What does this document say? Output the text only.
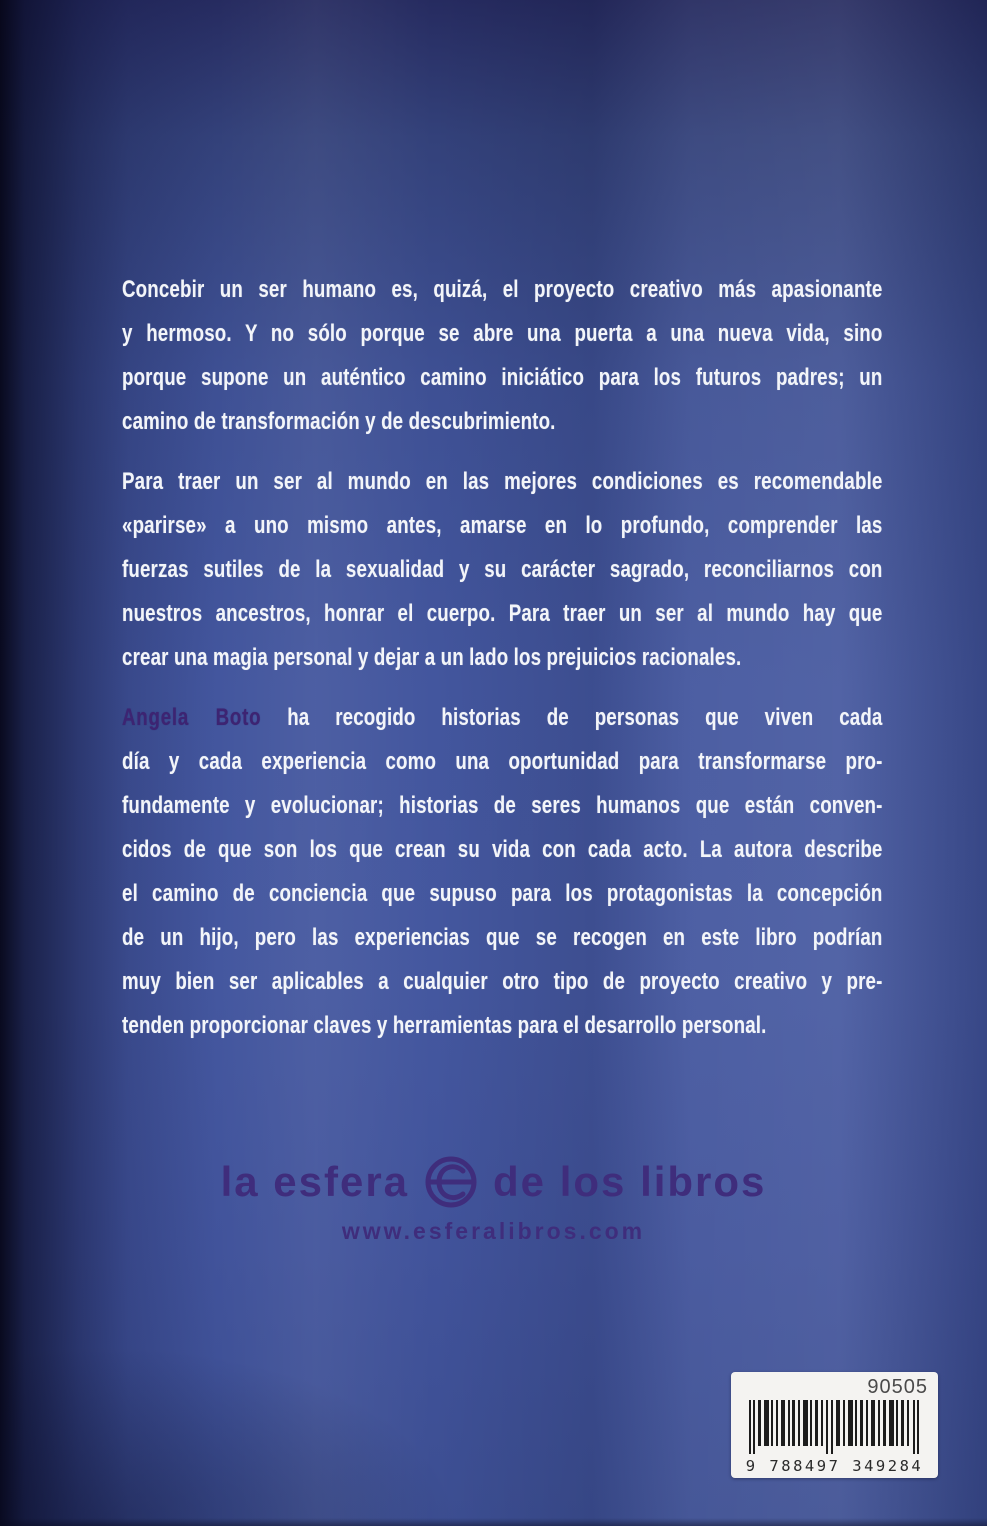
Concebir un ser humano es, quizá, el proyecto creativo más apasionante
y hermoso. Y no sólo porque se abre una puerta a una nueva vida, sino
porque supone un auténtico camino iniciático para los futuros padres; un
camino de transformación y de descubrimiento.
Para traer un ser al mundo en las mejores condiciones es recomendable
«parirse» a uno mismo antes, amarse en lo profundo, comprender las
fuerzas sutiles de la sexualidad y su carácter sagrado, reconciliarnos con
nuestros ancestros, honrar el cuerpo. Para traer un ser al mundo hay que
crear una magia personal y dejar a un lado los prejuicios racionales.
Angela Boto ha recogido historias de personas que viven cada
día y cada experiencia como una oportunidad para transformarse pro-
fundamente y evolucionar; historias de seres humanos que están conven-
cidos de que son los que crean su vida con cada acto. La autora describe
el camino de conciencia que supuso para los protagonistas la concepción
de un hijo, pero las experiencias que se recogen en este libro podrían
muy bien ser aplicables a cualquier otro tipo de proyecto creativo y pre-
tenden proporcionar claves y herramientas para el desarrollo personal.
la esfera de los libros
www.esferalibros.com
90505
9 788497 349284
